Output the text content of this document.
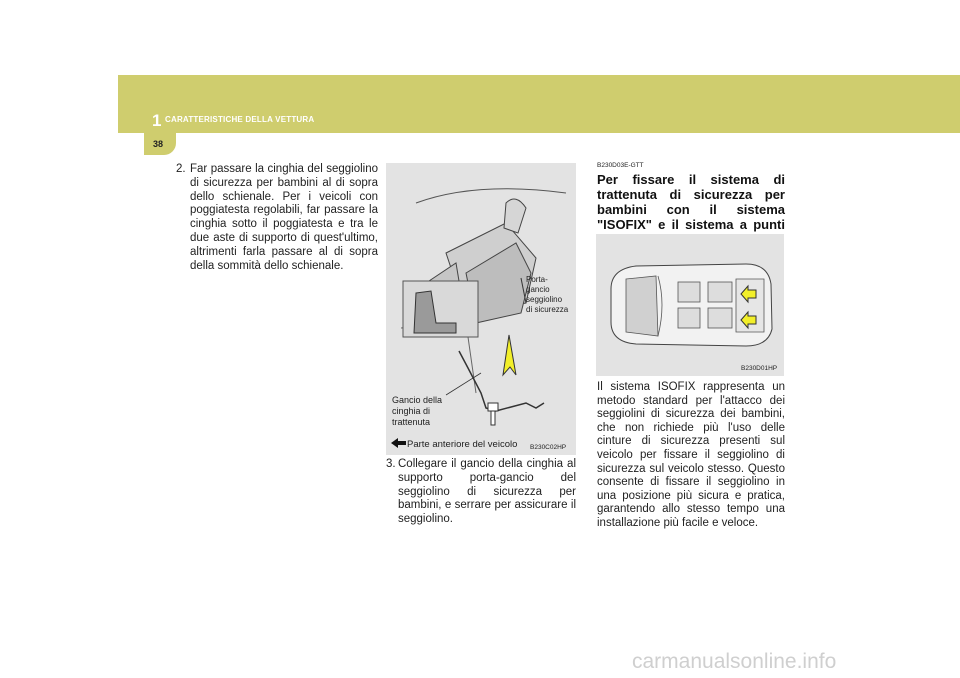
1 CARATTERISTICHE DELLA VETTURA
38
2. Far passare la cinghia del seggiolino di sicurezza per bambini al di sopra dello schienale. Per i veicoli con poggiatesta regolabili, far passare la cinghia sotto il poggiatesta e tra le due aste di supporto di quest'ultimo, altrimenti farla passare al di sopra della sommità dello schienale.

Porta-
gancio
seggiolino
di sicurezza
Gancio della
cinghia di
trattenuta
Parte anteriore del veicolo B230C02HP
3. Collegare il gancio della cinghia al supporto porta-gancio del seggiolino di sicurezza per bambini, e serrare per assicurare il seggiolino.

B230D03E-GTT
Per fissare il sistema di trattenuta di sicurezza per bambini con il sistema "ISOFIX" e il sistema a punti
B230D01HP

Il sistema ISOFIX rappresenta un metodo standard per l'attacco dei seggiolini di sicurezza dei bambini, che non richiede più l'uso delle cinture di sicurezza presenti sul veicolo per fissare il seggiolino di sicurezza sul veicolo stesso. Questo consente di fissare il seggiolino in una posizione più sicura e pratica, garantendo allo stesso tempo una installazione più facile e veloce.

carmanualsonline.info
